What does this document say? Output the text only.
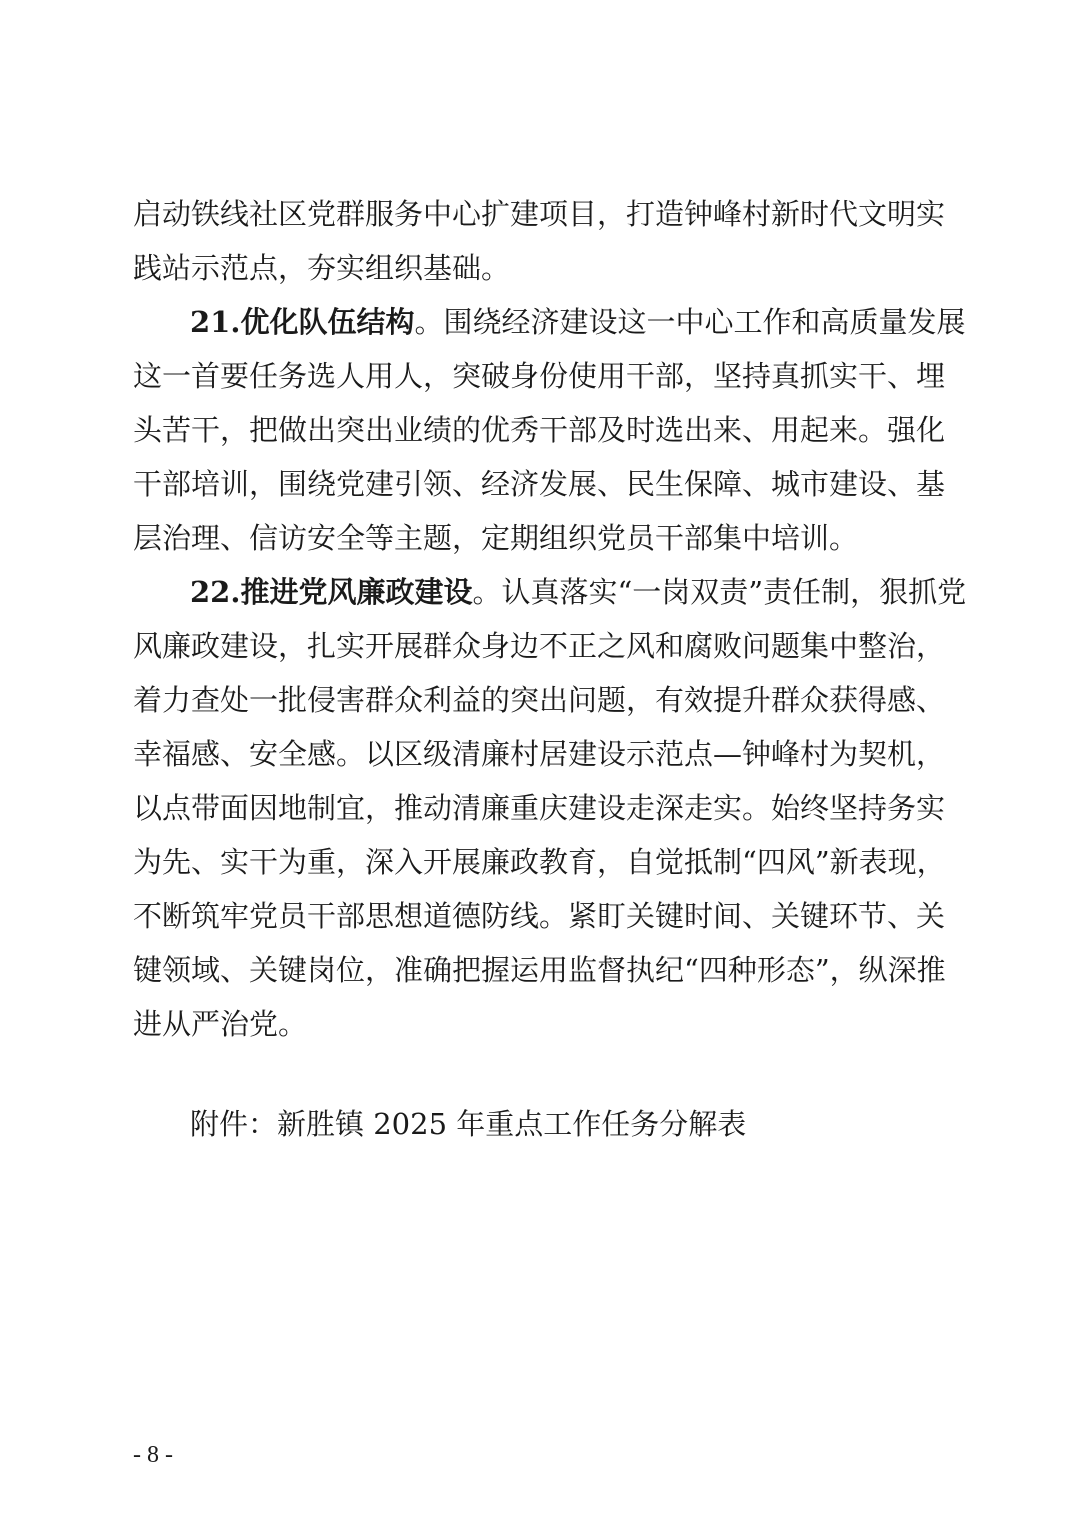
启动铁线社区党群服务中心扩建项目，打造钟峰村新时代文明实
践站示范点，夯实组织基础。
21.优化队伍结构。围绕经济建设这一中心工作和高质量发展
这一首要任务选人用人，突破身份使用干部，坚持真抓实干、埋
头苦干，把做出突出业绩的优秀干部及时选出来、用起来。强化
干部培训，围绕党建引领、经济发展、民生保障、城市建设、基
层治理、信访安全等主题，定期组织党员干部集中培训。
22.推进党风廉政建设。认真落实“一岗双责”责任制，狠抓党
风廉政建设，扎实开展群众身边不正之风和腐败问题集中整治，
着力查处一批侵害群众利益的突出问题，有效提升群众获得感、
幸福感、安全感。以区级清廉村居建设示范点—钟峰村为契机，
以点带面因地制宜，推动清廉重庆建设走深走实。始终坚持务实
为先、实干为重，深入开展廉政教育，自觉抵制“四风”新表现，
不断筑牢党员干部思想道德防线。紧盯关键时间、关键环节、关
键领域、关键岗位，准确把握运用监督执纪“四种形态”，纵深推
进从严治党。
附件：新胜镇 2025 年重点工作任务分解表
- 8 -
